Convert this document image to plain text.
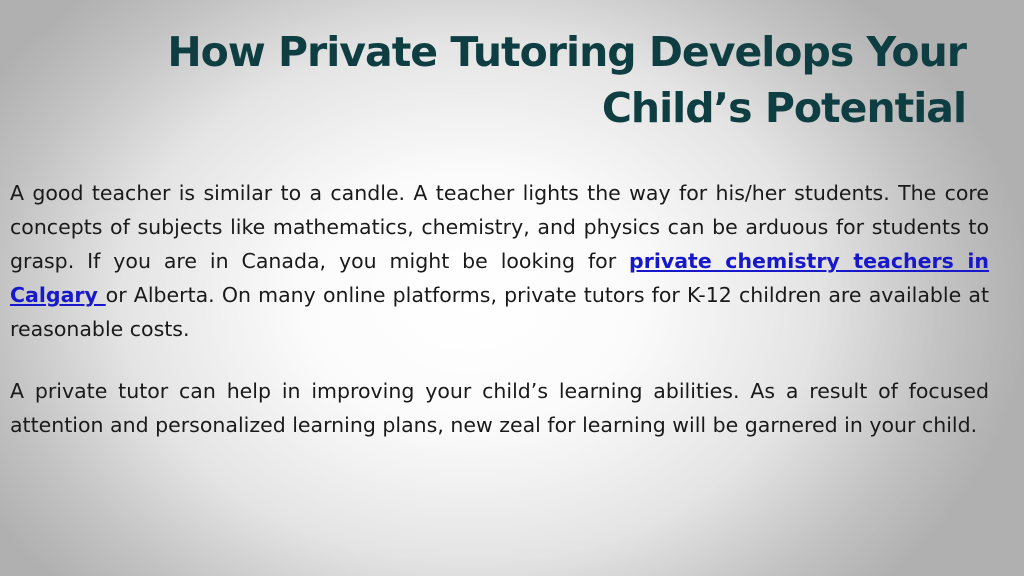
How Private Tutoring Develops Your
Child’s Potential

A good teacher is similar to a candle. A teacher lights the way for his/her students. The core concepts of subjects like mathematics, chemistry, and physics can be arduous for students to grasp. If you are in Canada, you might be looking for private chemistry teachers in Calgary or Alberta. On many online platforms, private tutors for K-12 children are available at reasonable costs.

A private tutor can help in improving your child’s learning abilities. As a result of focused attention and personalized learning plans, new zeal for learning will be garnered in your child.
